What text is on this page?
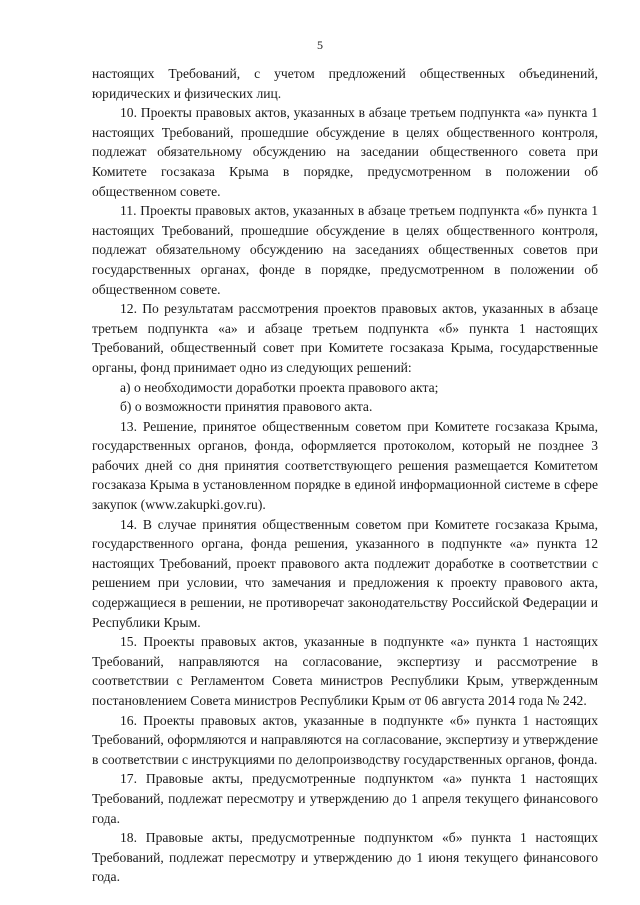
5

настоящих Требований, с учетом предложений общественных объединений, юридических и физических лиц.

10. Проекты правовых актов, указанных в абзаце третьем подпункта «а» пункта 1 настоящих Требований, прошедшие обсуждение в целях общественного контроля, подлежат обязательному обсуждению на заседании общественного совета при Комитете госзаказа Крыма в порядке, предусмотренном в положении об общественном совете.

11. Проекты правовых актов, указанных в абзаце третьем подпункта «б» пункта 1 настоящих Требований, прошедшие обсуждение в целях общественного контроля, подлежат обязательному обсуждению на заседаниях общественных советов при государственных органах, фонде в порядке, предусмотренном в положении об общественном совете.

12. По результатам рассмотрения проектов правовых актов, указанных в абзаце третьем подпункта «а» и абзаце третьем подпункта «б» пункта 1 настоящих Требований, общественный совет при Комитете госзаказа Крыма, государственные органы, фонд принимает одно из следующих решений:

а) о необходимости доработки проекта правового акта;

б) о возможности принятия правового акта.

13. Решение, принятое общественным советом при Комитете госзаказа Крыма, государственных органов, фонда, оформляется протоколом, который не позднее 3 рабочих дней со дня принятия соответствующего решения размещается Комитетом госзаказа Крыма в установленном порядке в единой информационной системе в сфере закупок (www.zakupki.gov.ru).

14. В случае принятия общественным советом при Комитете госзаказа Крыма, государственного органа, фонда решения, указанного в подпункте «а» пункта 12 настоящих Требований, проект правового акта подлежит доработке в соответствии с решением при условии, что замечания и предложения к проекту правового акта, содержащиеся в решении, не противоречат законодательству Российской Федерации и Республики Крым.

15. Проекты правовых актов, указанные в подпункте «а» пункта 1 настоящих Требований, направляются на согласование, экспертизу и рассмотрение в соответствии с Регламентом Совета министров Республики Крым, утвержденным постановлением Совета министров Республики Крым от 06 августа 2014 года № 242.

16. Проекты правовых актов, указанные в подпункте «б» пункта 1 настоящих Требований, оформляются и направляются на согласование, экспертизу и утверждение в соответствии с инструкциями по делопроизводству государственных органов, фонда.

17. Правовые акты, предусмотренные подпунктом «а» пункта 1 настоящих Требований, подлежат пересмотру и утверждению до 1 апреля текущего финансового года.

18. Правовые акты, предусмотренные подпунктом «б» пункта 1 настоящих Требований, подлежат пересмотру и утверждению до 1 июня текущего финансового года.
